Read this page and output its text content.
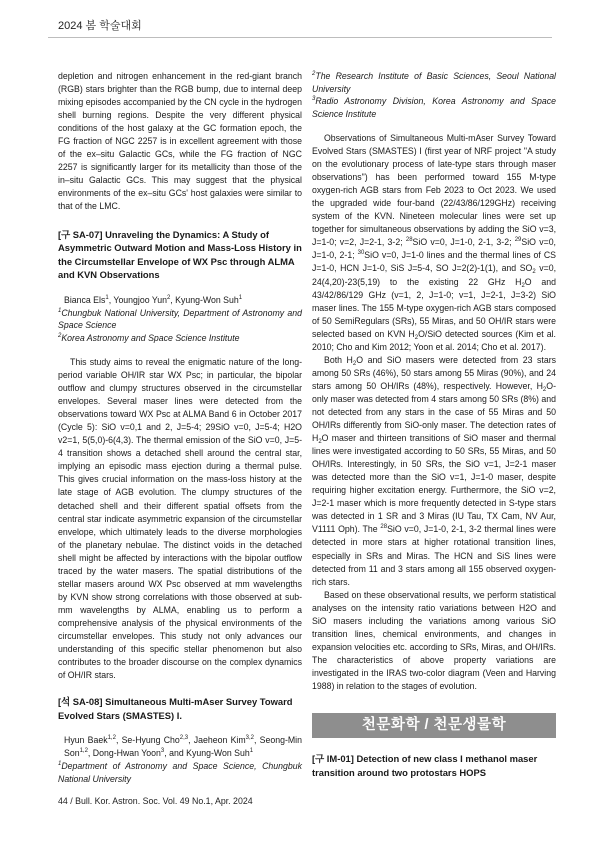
2024 봄 학술대회

depletion and nitrogen enhancement in the red-giant branch (RGB) stars brighter than the RGB bump, due to internal deep mixing episodes accompanied by the CN cycle in the hydrogen shell burning regions. Despite the very different physical conditions of the host galaxy at the GC formation epoch, the FG fraction of NGC 2257 is in excellent agreement with those of the ex–situ Galactic GCs, while the FG fraction of NGC 2257 is significantly larger for its metallicity than those of the in–situ Galactic GCs. This may suggest that the physical environments of the ex–situ GCs' host galaxies were similar to that of the LMC.

[구 SA-07] Unraveling the Dynamics: A Study of Asymmetric Outward Motion and Mass-Loss History in the Circumstellar Envelope of WX Psc through ALMA and KVN Observations

Bianca Els$^1$, Youngjoo Yun$^2$, Kyung-Won Suh$^1$

$^1$Chungbuk National University, Department of Astronomy and Space Science

$^2$Korea Astronomy and Space Science Institute

This study aims to reveal the enigmatic nature of the long-period variable OH/IR star WX Psc; in particular, the bipolar outflow and clumpy structures observed in the circumstellar envelopes. Several maser lines were detected from the observations toward WX Psc at ALMA Band 6 in October 2017 (Cycle 5): SiO v=0,1 and 2, J=5-4; 29SiO v=0, J=5-4; H2O v2=1, 5(5,0)-6(4,3). The thermal emission of the SiO v=0, J=5-4 transition shows a detached shell around the central star, implying an episodic mass ejection during a thermal pulse. This gives crucial information on the mass-loss history at the late stage of AGB evolution. The clumpy structures of the detached shell and their different spatial offsets from the central star indicate asymmetric expansion of the circumstellar envelope, which ultimately leads to the diverse morphologies of the planetary nebulae. The distinct voids in the detached shell might be affected by interactions with the bipolar outflow traced by the water masers. The spatial distributions of the stellar masers around WX Psc observed at mm wavelengths by KVN show strong correlations with those observed at sub-mm wavelengths by ALMA, enabling us to perform a comprehensive analysis of the physical environments of the circumstellar envelopes. This study not only advances our understanding of this specific stellar phenomenon but also contributes to the broader discourse on the complex dynamics of OH/IR stars.

[석 SA-08] Simultaneous Multi-mAser Survey Toward Evolved Stars (SMASTES) I.

Hyun Baek$^{1,2}$, Se-Hyung Cho$^{2,3}$, Jaeheon Kim$^{3,2}$, Seong-Min Son$^{1,2}$, Dong-Hwan Yoon$^3$, and Kyung-Won Suh$^1$

$^1$Department of Astronomy and Space Science, Chungbuk National University

$^2$The Research Institute of Basic Sciences, Seoul National University

$^3$Radio Astronomy Division, Korea Astronomy and Space Science Institute

Observations of Simultaneous Multi-mAser Survey Toward Evolved Stars (SMASTES) I (first year of NRF project "A study on the evolutionary process of late-type stars through maser observations") has been performed toward 155 M-type oxygen-rich AGB stars from Feb 2023 to Oct 2023. We used the upgraded wide four-band (22/43/86/129GHz) receiving system of the KVN. Nineteen molecular lines were set up together for simultaneous observations by adding the SiO v=3, J=1-0; v=2, J=2-1, 3-2; $^{28}$SiO v=0, J=1-0, 2-1, 3-2; $^{29}$SiO v=0, J=1-0, 2-1; $^{30}$SiO v=0, J=1-0 lines and the thermal lines of CS J=1-0, HCN J=1-0, SiS J=5-4, SO J=2(2)-1(1), and $SO_2$ v=0, 24(4,20)-23(5,19) to the existing 22 GHz $H_2O$ and 43/42/86/129 GHz (v=1, 2, J=1-0; v=1, J=2-1, J=3-2) SiO maser lines. The 155 M-type oxygen-rich AGB stars composed of 50 SemiRegulars (SRs), 55 Miras, and 50 OH/IR stars were selected based on KVN $H_2O$/SiO detected sources (Kim et al. 2010; Cho and Kim 2012; Yoon et al. 2014; Cho et al. 2017).

Both $H_2O$ and SiO masers were detected from 23 stars among 50 SRs (46%), 50 stars among 55 Miras (90%), and 24 stars among 50 OH/IRs (48%), respectively. However, $H_2O$-only maser was detected from 4 stars among 50 SRs (8%) and not detected from any stars in the case of 55 Miras and 50 OH/IRs differently from SiO-only maser. The detection rates of $H_2O$ maser and thirteen transitions of SiO maser and thermal lines were investigated according to 50 SRs, 55 Miras, and 50 OH/IRs. Interestingly, in 50 SRs, the SiO v=1, J=2-1 maser was detected more than the SiO v=1, J=1-0 maser, despite requiring higher excitation energy. Furthermore, the SiO v=2, J=2-1 maser which is more frequently detected in S-type stars was detected in 1 SR and 3 Miras (IU Tau, TX Cam, NV Aur, V1111 Oph). The $^{28}$SiO v=0, J=1-0, 2-1, 3-2 thermal lines were detected in more stars at higher rotational transition lines, especially in SRs and Miras. The HCN and SiS lines were detected from 11 and 3 stars among all 155 observed oxygen-rich stars.

Based on these observational results, we perform statistical analyses on the intensity ratio variations between H2O and SiO masers including the variations among various SiO transition lines, chemical environments, and changes in expansion velocities etc. according to SRs, Miras, and OH/IRs. The characteristics of above property variations are investigated in the IRAS two-color diagram (Veen and Harving 1988) in relation to the stages of evolution.

천문화학 / 천문생물학

[구 IM-01] Detection of new class I methanol maser transition around two protostars HOPS

44 / Bull. Kor. Astron. Soc. Vol. 49 No.1, Apr. 2024
